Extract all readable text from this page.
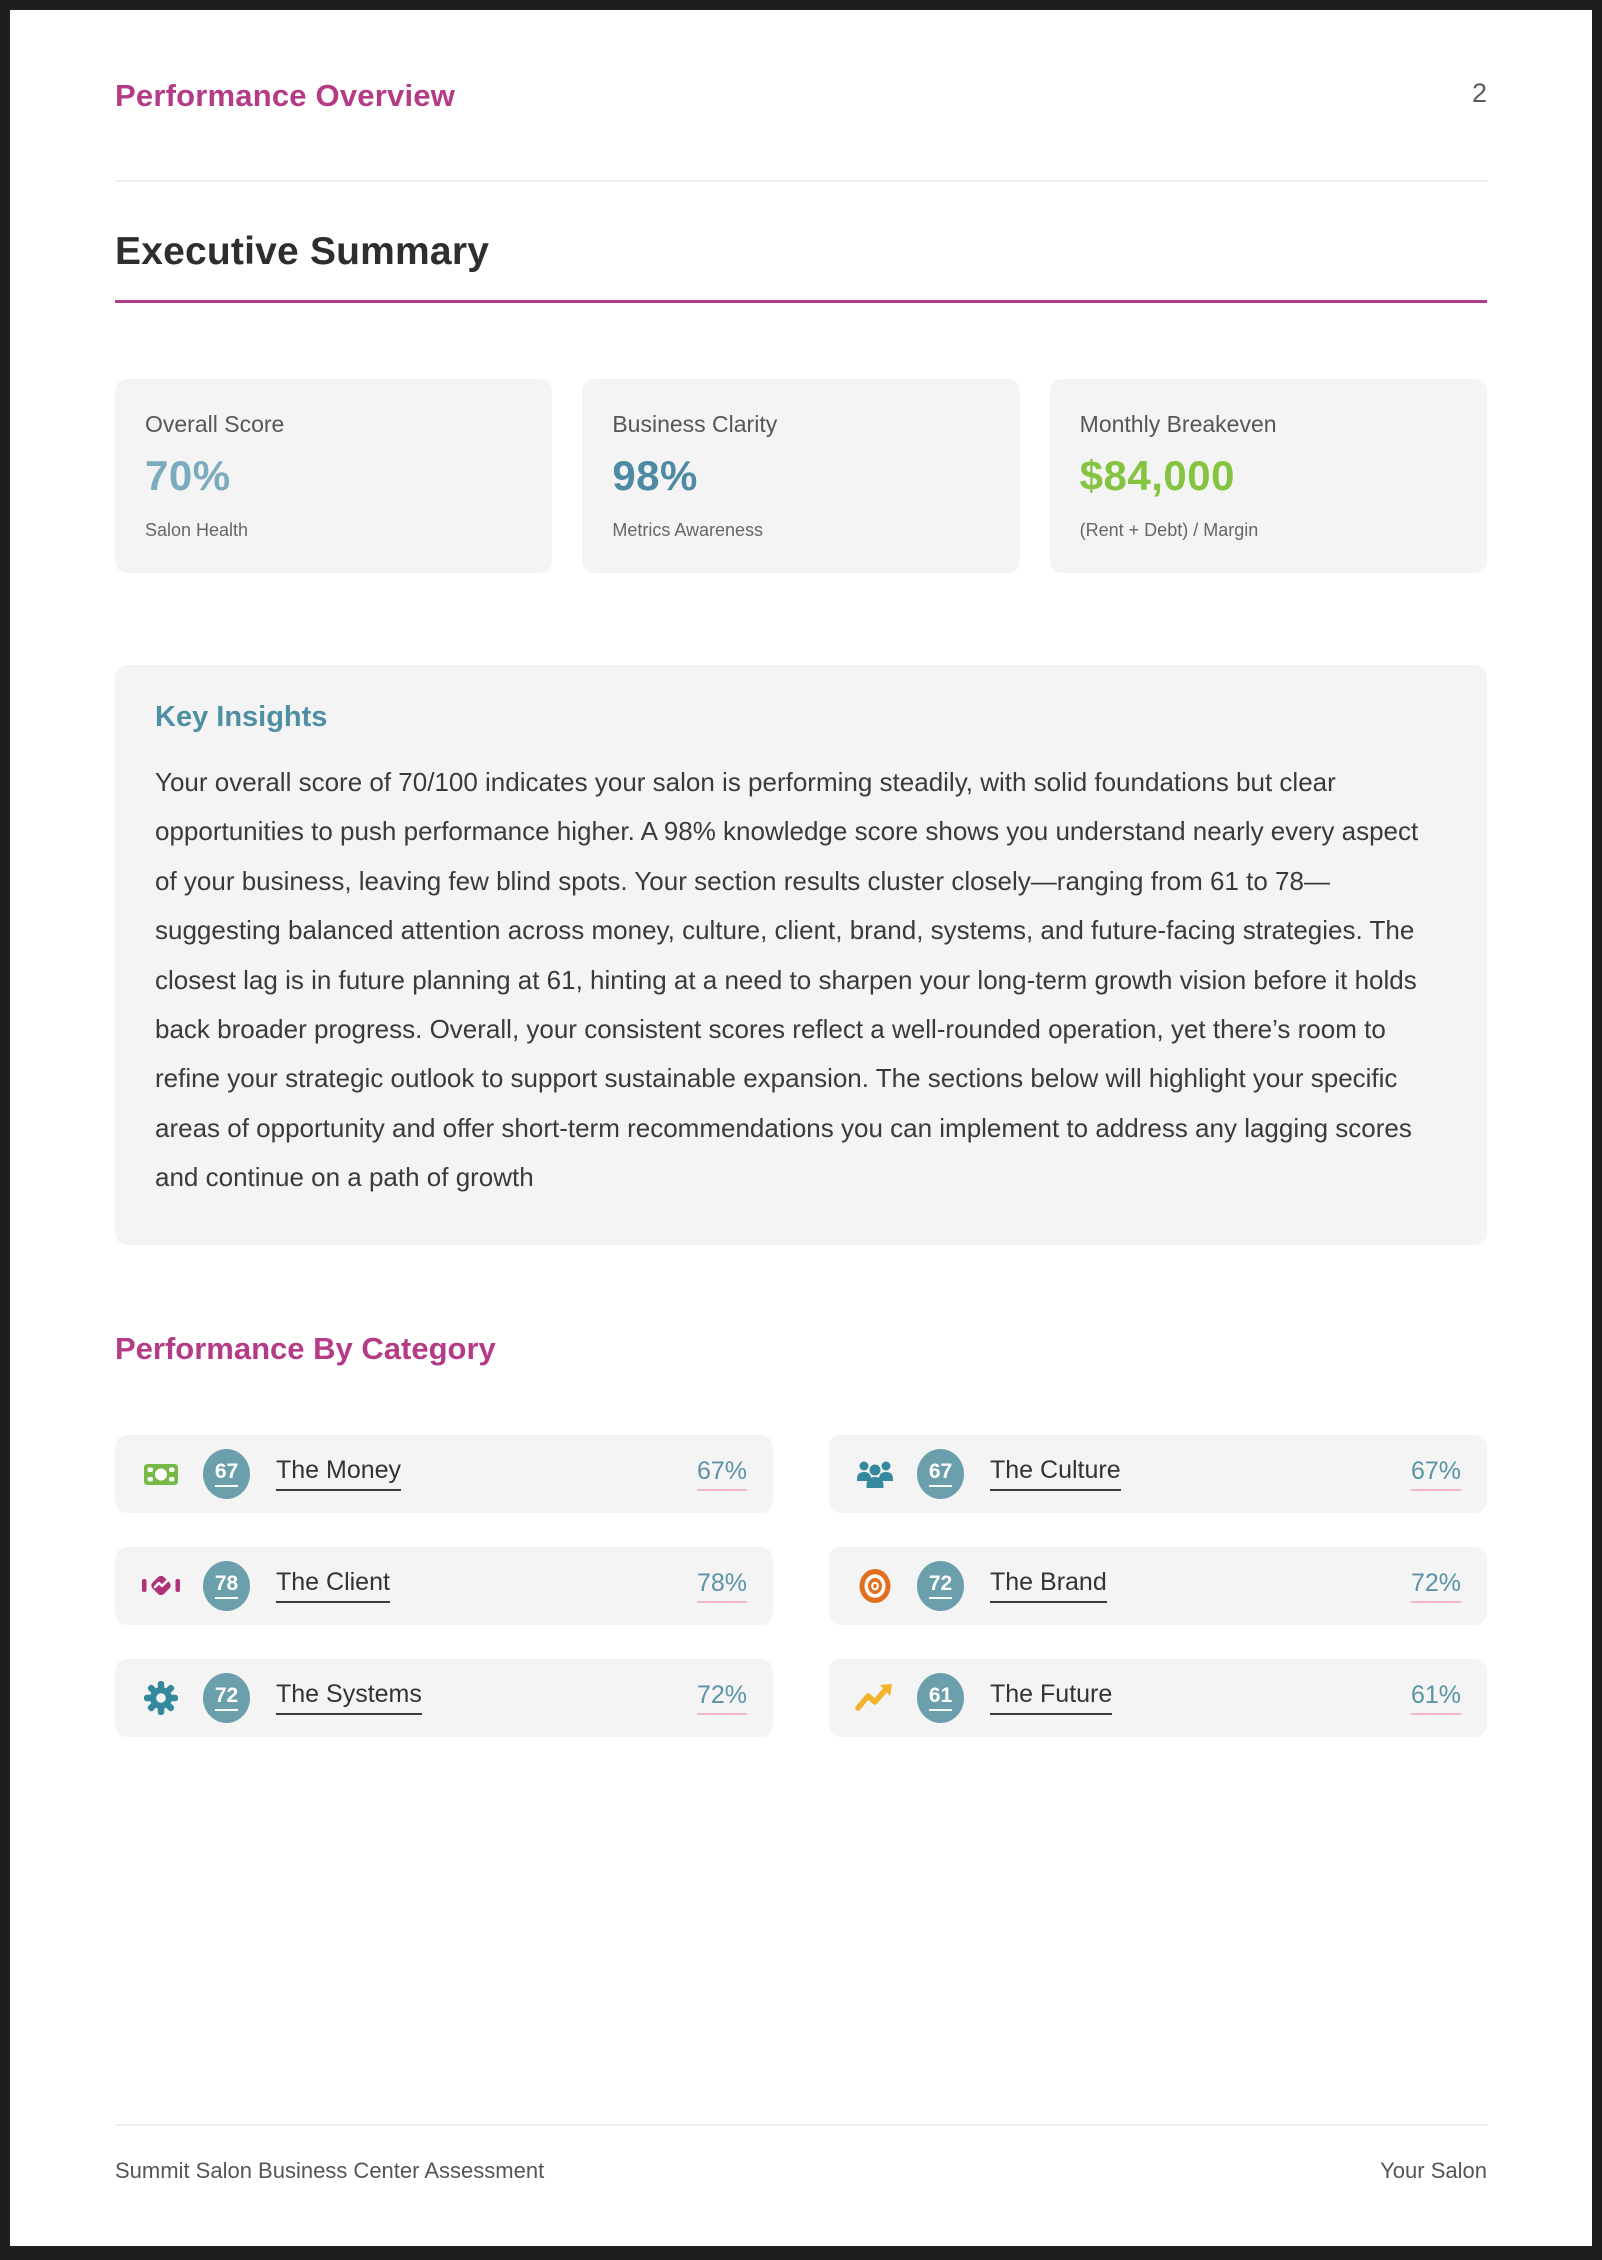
Performance Overview	2
Executive Summary
Overall Score
70%
Salon Health
Business Clarity
98%
Metrics Awareness
Monthly Breakeven
$84,000
(Rent + Debt) / Margin
Key Insights
Your overall score of 70/100 indicates your salon is performing steadily, with solid foundations but clear opportunities to push performance higher. A 98% knowledge score shows you understand nearly every aspect of your business, leaving few blind spots. Your section results cluster closely—ranging from 61 to 78—suggesting balanced attention across money, culture, client, brand, systems, and future-facing strategies. The closest lag is in future planning at 61, hinting at a need to sharpen your long-term growth vision before it holds back broader progress. Overall, your consistent scores reflect a well-rounded operation, yet there’s room to refine your strategic outlook to support sustainable expansion. The sections below will highlight your specific areas of opportunity and offer short-term recommendations you can implement to address any lagging scores and continue on a path of growth
Performance By Category
67 The Money	67%	67 The Culture	67%
78 The Client	78%	72 The Brand	72%
72 The Systems	72%	61 The Future	61%
Summit Salon Business Center Assessment	Your Salon
